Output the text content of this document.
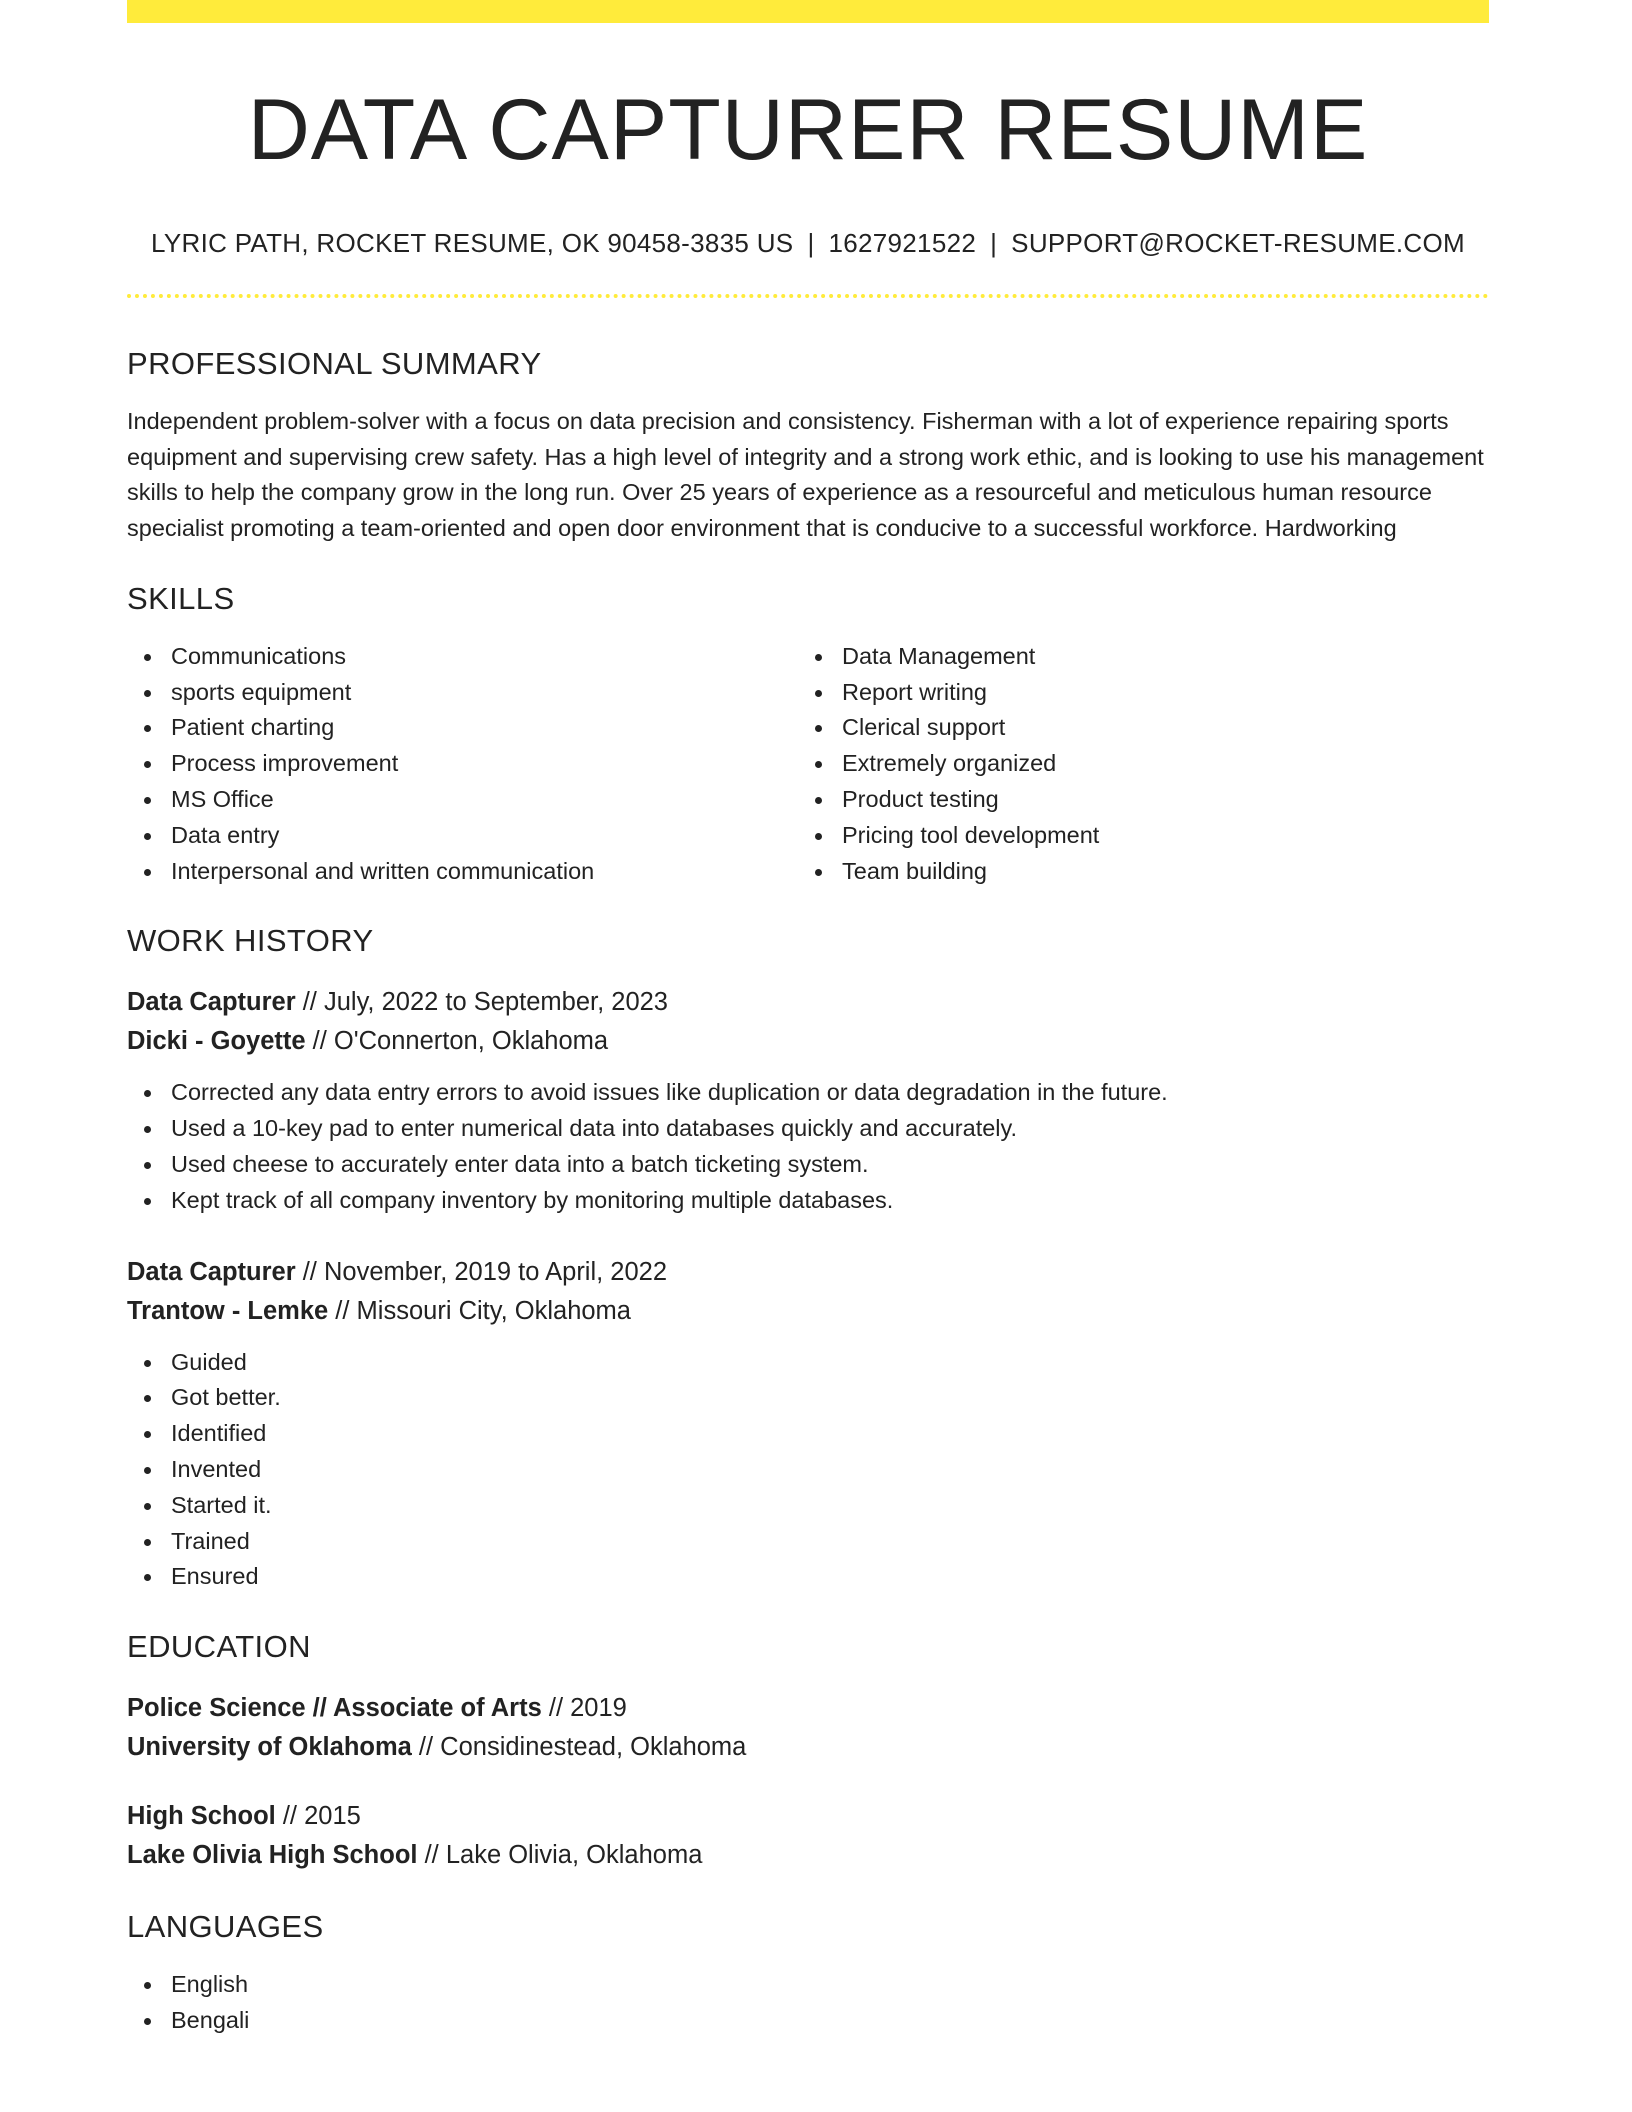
DATA CAPTURER RESUME
LYRIC PATH, ROCKET RESUME, OK 90458-3835 US | 1627921522 | SUPPORT@ROCKET-RESUME.COM
PROFESSIONAL SUMMARY

Independent problem-solver with a focus on data precision and consistency. Fisherman with a lot of experience repairing sports equipment and supervising crew safety. Has a high level of integrity and a strong work ethic, and is looking to use his management skills to help the company grow in the long run. Over 25 years of experience as a resourceful and meticulous human resource specialist promoting a team-oriented and open door environment that is conducive to a successful workforce. Hardworking

SKILLS
Communications
sports equipment
Patient charting
Process improvement
MS Office
Data entry
Interpersonal and written communication
Data Management
Report writing
Clerical support
Extremely organized
Product testing
Pricing tool development
Team building
WORK HISTORY
Data Capturer // July, 2022 to September, 2023
Dicki - Goyette // O'Connerton, Oklahoma
Corrected any data entry errors to avoid issues like duplication or data degradation in the future.
Used a 10-key pad to enter numerical data into databases quickly and accurately.
Used cheese to accurately enter data into a batch ticketing system.
Kept track of all company inventory by monitoring multiple databases.
Data Capturer // November, 2019 to April, 2022
Trantow - Lemke // Missouri City, Oklahoma
Guided
Got better.
Identified
Invented
Started it.
Trained
Ensured
EDUCATION
Police Science // Associate of Arts // 2019
University of Oklahoma // Considinestead, Oklahoma
High School // 2015
Lake Olivia High School // Lake Olivia, Oklahoma
LANGUAGES
English
Bengali
